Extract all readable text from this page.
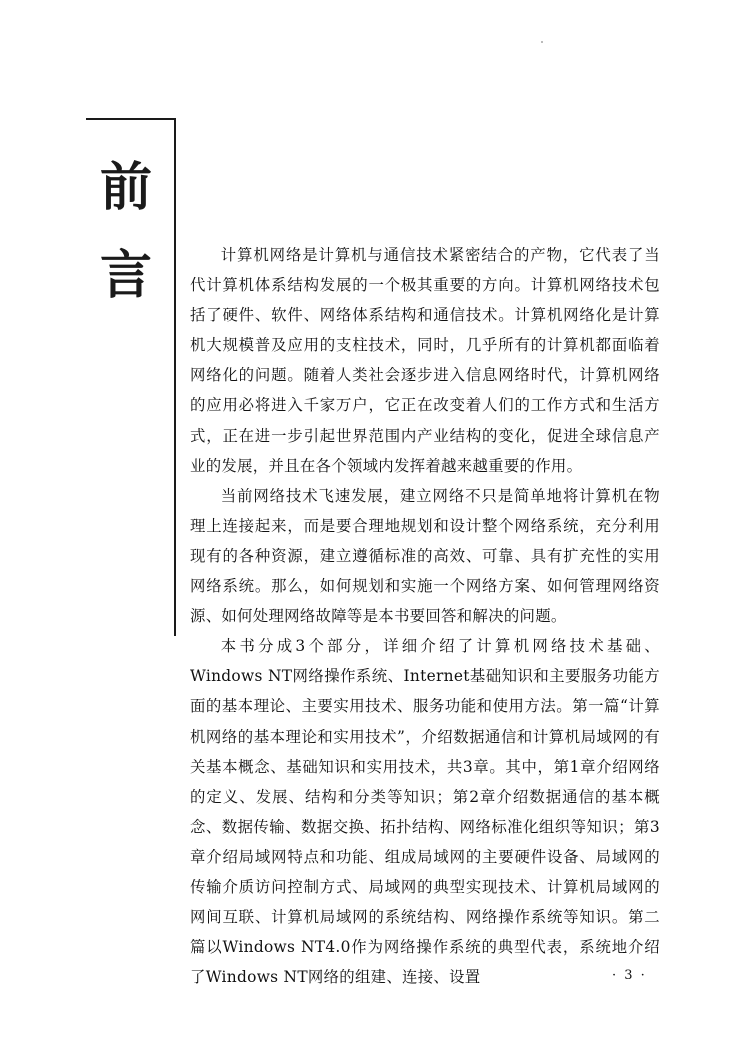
前
言	计算机网络是计算机与通信技术紧密结合的产物，它代表了当代计算机体系结构发展的一个极其重要的方向。计算机网络技术包括了硬件、软件、网络体系结构和通信技术。计算机网络化是计算机大规模普及应用的支柱技术，同时，几乎所有的计算机都面临着网络化的问题。随着人类社会逐步进入信息网络时代，计算机网络的应用必将进入千家万户，它正在改变着人们的工作方式和生活方式，正在进一步引起世界范围内产业结构的变化，促进全球信息产业的发展，并且在各个领域内发挥着越来越重要的作用。

当前网络技术飞速发展，建立网络不只是简单地将计算机在物理上连接起来，而是要合理地规划和设计整个网络系统，充分利用现有的各种资源，建立遵循标准的高效、可靠、具有扩充性的实用网络系统。那么，如何规划和实施一个网络方案、如何管理网络资源、如何处理网络故障等是本书要回答和解决的问题。

本书分成3个部分，详细介绍了计算机网络技术基础、Windows NT网络操作系统、Internet基础知识和主要服务功能方面的基本理论、主要实用技术、服务功能和使用方法。第一篇“计算机网络的基本理论和实用技术”，介绍数据通信和计算机局域网的有关基本概念、基础知识和实用技术，共3章。其中，第1章介绍网络的定义、发展、结构和分类等知识；第2章介绍数据通信的基本概念、数据传输、数据交换、拓扑结构、网络标准化组织等知识；第3章介绍局域网特点和功能、组成局域网的主要硬件设备、局域网的传输介质访问控制方式、局域网的典型实现技术、计算机局域网的网间互联、计算机局域网的系统结构、网络操作系统等知识。第二篇以Windows NT4.0作为网络操作系统的典型代表，系统地介绍了Windows NT网络的组建、连接、设置	· 3 ·
